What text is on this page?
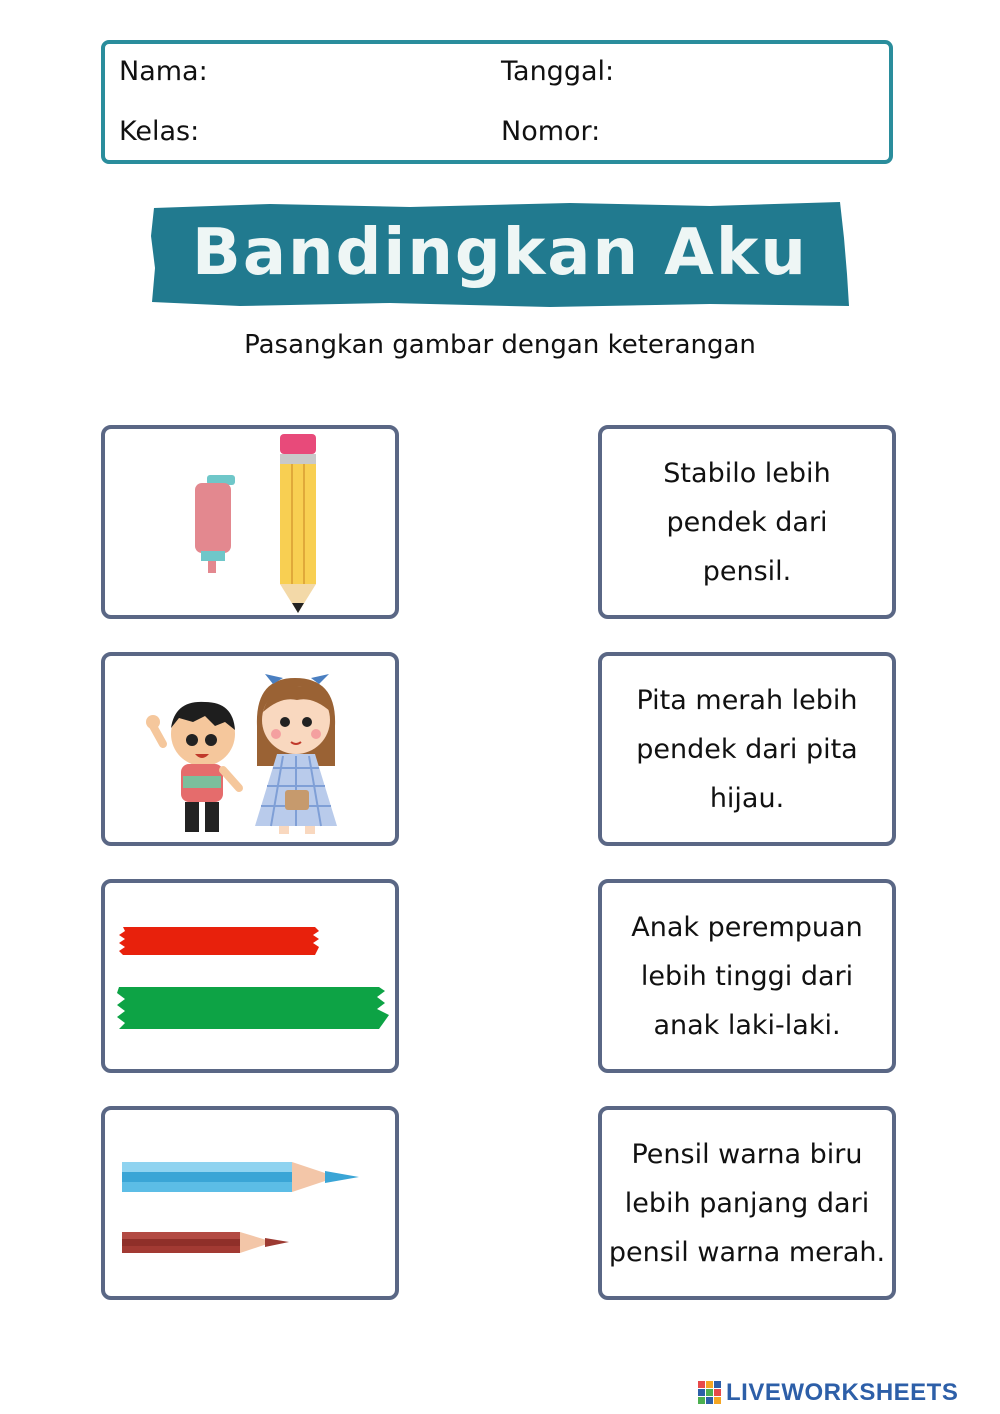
Nama:	Tanggal:
Kelas:	Nomor:
Bandingkan Aku
Pasangkan gambar dengan keterangan
Stabilo lebih pendek dari pensil.
Pita merah lebih pendek dari pita hijau.
Anak perempuan lebih tinggi dari anak laki-laki.
Pensil warna biru lebih panjang dari pensil warna merah.
LIVEWORKSHEETS
